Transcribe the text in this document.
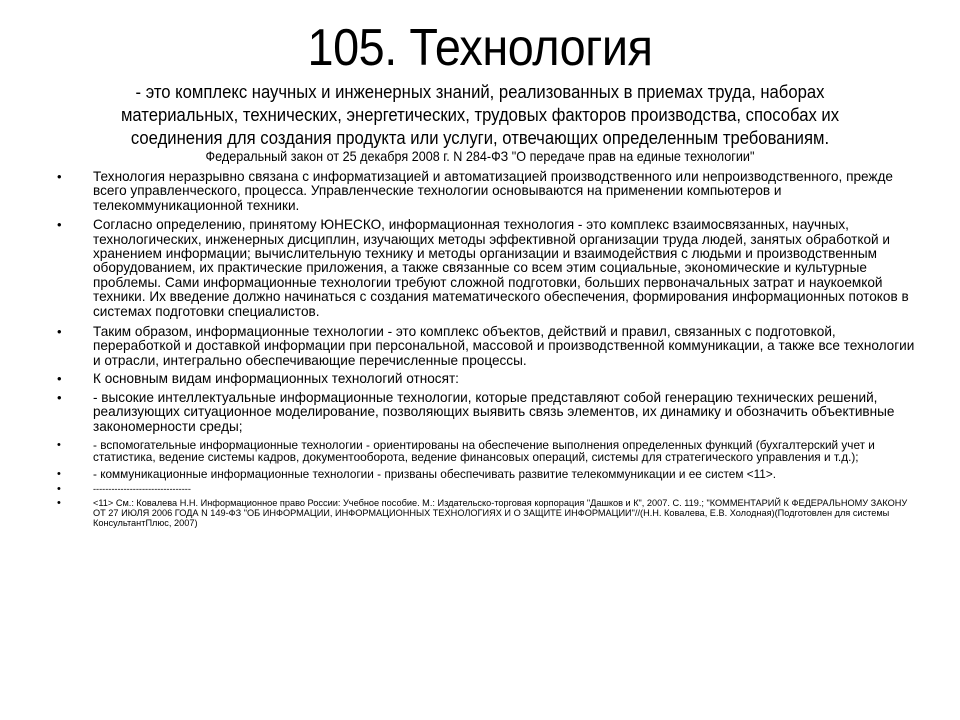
105. Технология

- это комплекс научных и инженерных знаний, реализованных в приемах труда, наборах материальных, технических, энергетических, трудовых факторов производства, способах их соединения для создания продукта или услуги, отвечающих определенным требованиям.

Федеральный закон от 25 декабря 2008 г. N 284-ФЗ "О передаче прав на единые технологии"

• Технология неразрывно связана с информатизацией и автоматизацией производственного или непроизводственного, прежде всего управленческого, процесса. Управленческие технологии основываются на применении компьютеров и телекоммуникационной техники.
• Согласно определению, принятому ЮНЕСКО, информационная технология - это комплекс взаимосвязанных, научных, технологических, инженерных дисциплин, изучающих методы эффективной организации труда людей, занятых обработкой и хранением информации; вычислительную технику и методы организации и взаимодействия с людьми и производственным оборудованием, их практические приложения, а также связанные со всем этим социальные, экономические и культурные проблемы. Сами информационные технологии требуют сложной подготовки, больших первоначальных затрат и наукоемкой техники. Их введение должно начинаться с создания математического обеспечения, формирования информационных потоков в системах подготовки специалистов.
• Таким образом, информационные технологии - это комплекс объектов, действий и правил, связанных с подготовкой, переработкой и доставкой информации при персональной, массовой и производственной коммуникации, а также все технологии и отрасли, интегрально обеспечивающие перечисленные процессы.
• К основным видам информационных технологий относят:
• - высокие интеллектуальные информационные технологии, которые представляют собой генерацию технических решений, реализующих ситуационное моделирование, позволяющих выявить связь элементов, их динамику и обозначить объективные закономерности среды;
•	- вспомогательные информационные технологии - ориентированы на обеспечение выполнения определенных функций (бухгалтерский учет и статистика, ведение системы кадров, документооборота, ведение финансовых операций, системы для стратегического управления и т.д.);
•	- коммуникационные информационные технологии - призваны обеспечивать развитие телекоммуникации и ее систем <11>.
•	--------------------------------
•	<11> См.: Ковалева Н.Н. Информационное право России: Учебное пособие. М.: Издательско-торговая корпорация "Дашков и К", 2007. С. 119.; "КОММЕНТАРИЙ К ФЕДЕРАЛЬНОМУ ЗАКОНУ ОТ 27 ИЮЛЯ 2006 ГОДА N 149-ФЗ "ОБ ИНФОРМАЦИИ, ИНФОРМАЦИОННЫХ ТЕХНОЛОГИЯХ И О ЗАЩИТЕ ИНФОРМАЦИИ"//(Н.Н. Ковалева, Е.В. Холодная)(Подготовлен для системы КонсультантПлюс, 2007)
